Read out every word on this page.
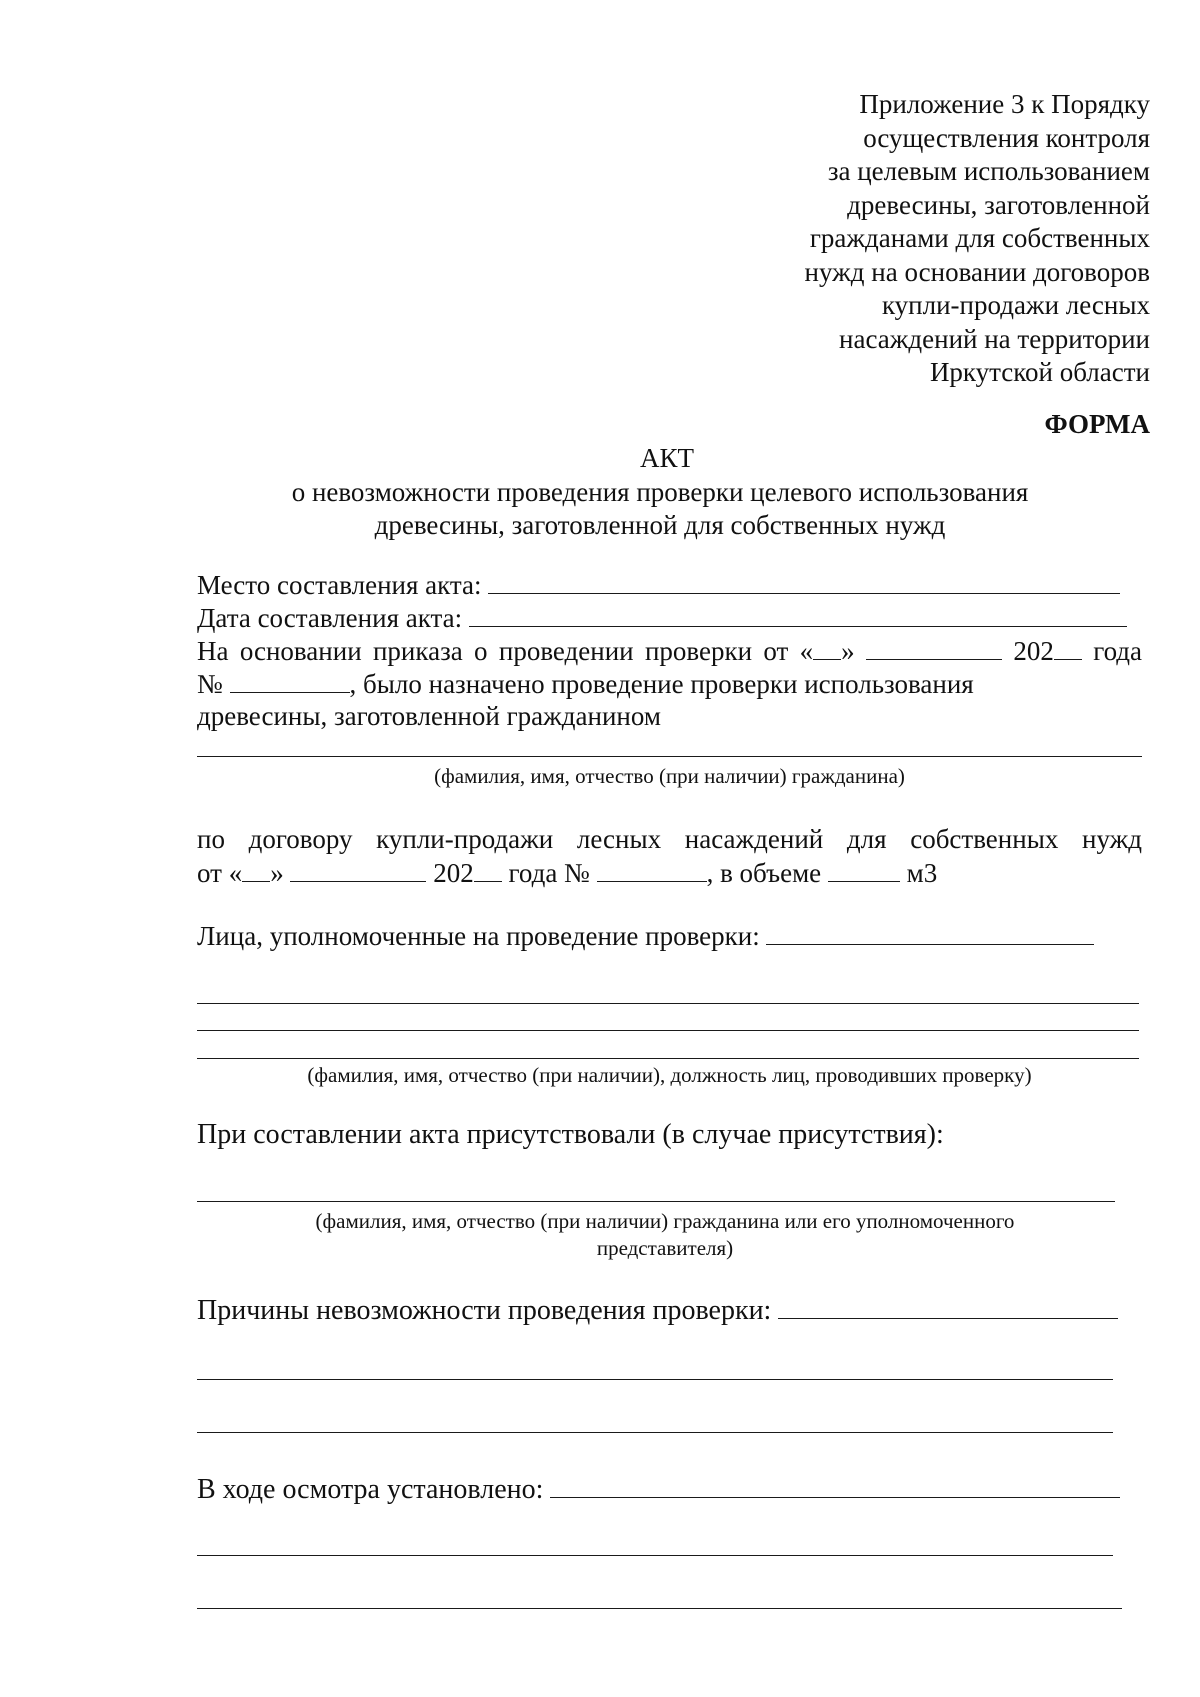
Приложение 3 к Порядку
осуществления контроля
за целевым использованием
древесины, заготовленной
гражданами для собственных
нужд на основании договоров
купли-продажи лесных
насаждений на территории
Иркутской области
ФОРМА
АКТ
о невозможности проведения проверки целевого использования
древесины, заготовленной для собственных нужд
Место составления акта:
Дата составления акта:
На основании приказа о проведении проверки от « »	202 года
№	, было назначено проведение проверки использования
древесины, заготовленной гражданином
(фамилия, имя, отчество (при наличии) гражданина)
по договору купли-продажи лесных насаждений для собственных нужд
от « »	202 года №	, в объеме	м3
Лица, уполномоченные на проведение проверки:
(фамилия, имя, отчество (при наличии), должность лиц, проводивших проверку)
При составлении акта присутствовали (в случае присутствия):
(фамилия, имя, отчество (при наличии) гражданина или его уполномоченного представителя)
Причины невозможности проведения проверки:
В ходе осмотра установлено:
